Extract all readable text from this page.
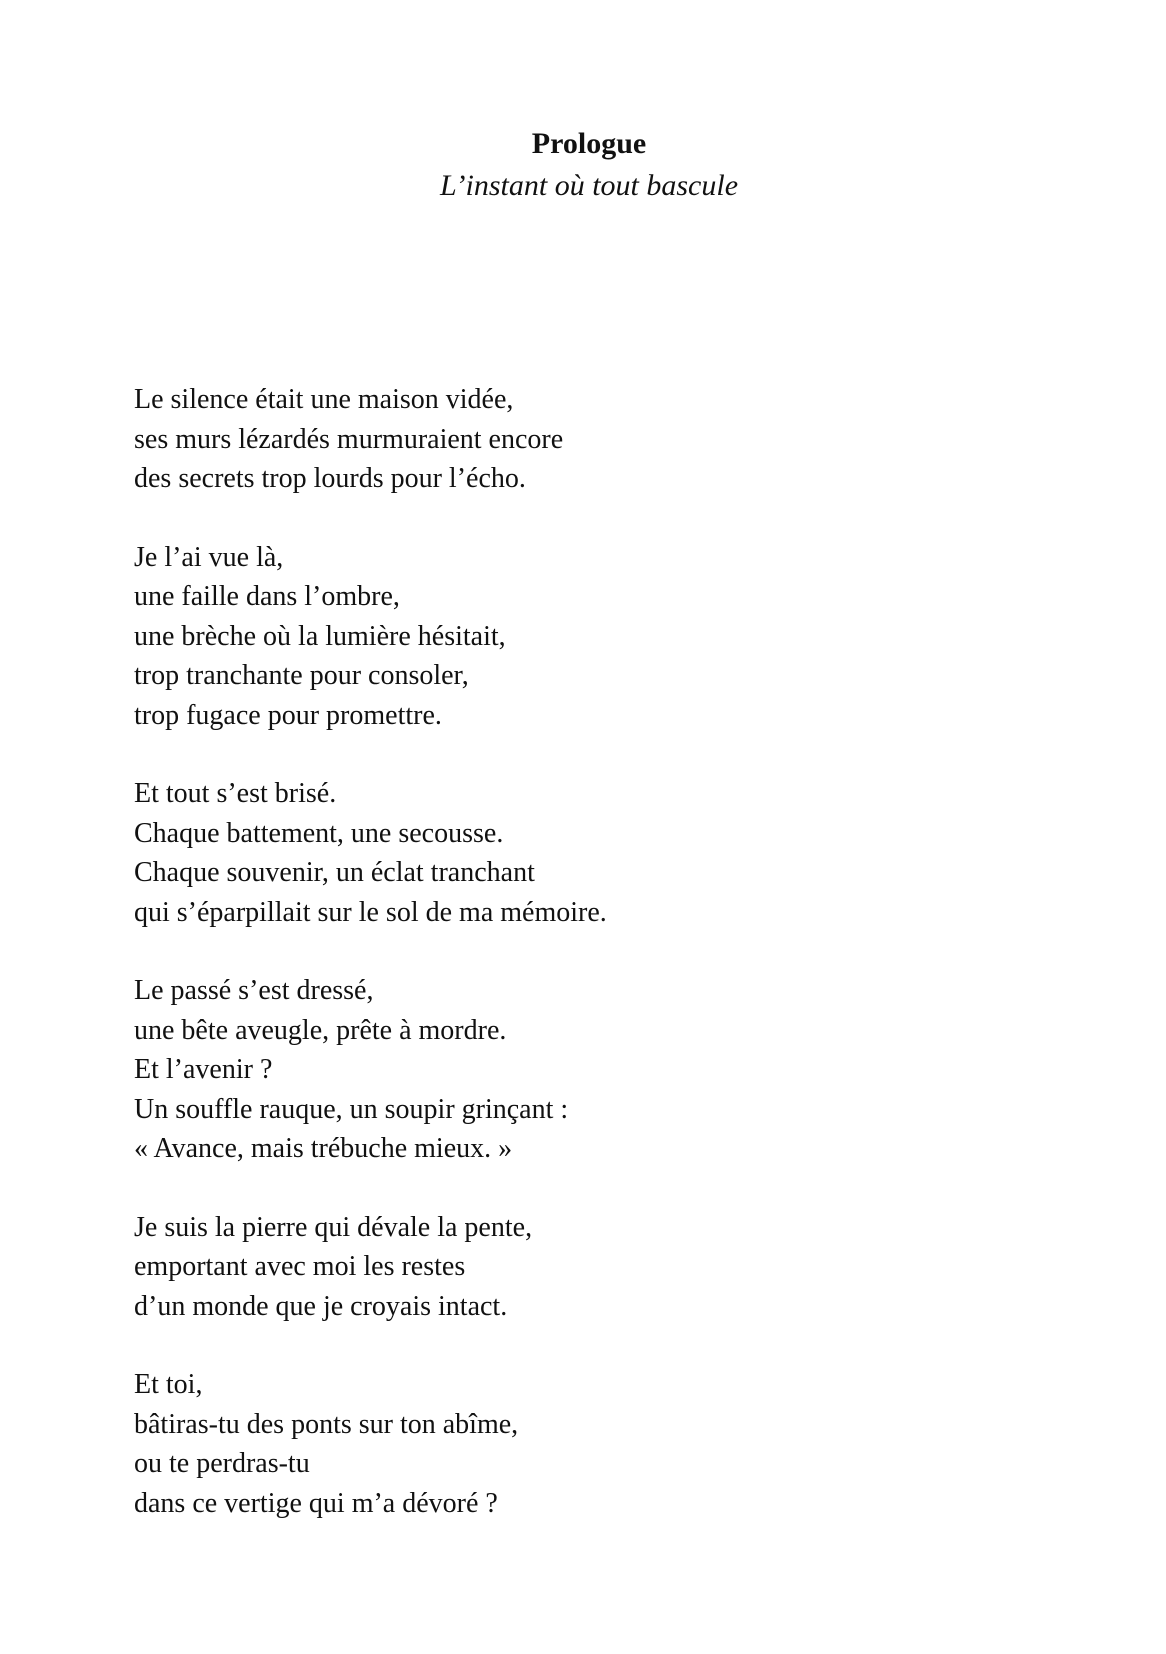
Prologue
L’instant où tout bascule
Le silence était une maison vidée,
ses murs lézardés murmuraient encore
des secrets trop lourds pour l’écho.
Je l’ai vue là,
une faille dans l’ombre,
une brèche où la lumière hésitait,
trop tranchante pour consoler,
trop fugace pour promettre.
Et tout s’est brisé.
Chaque battement, une secousse.
Chaque souvenir, un éclat tranchant
qui s’éparpillait sur le sol de ma mémoire.
Le passé s’est dressé,
une bête aveugle, prête à mordre.
Et l’avenir ?
Un souffle rauque, un soupir grinçant :
« Avance, mais trébuche mieux. »
Je suis la pierre qui dévale la pente,
emportant avec moi les restes
d’un monde que je croyais intact.
Et toi,
bâtiras-tu des ponts sur ton abîme,
ou te perdras-tu
dans ce vertige qui m’a dévoré ?
